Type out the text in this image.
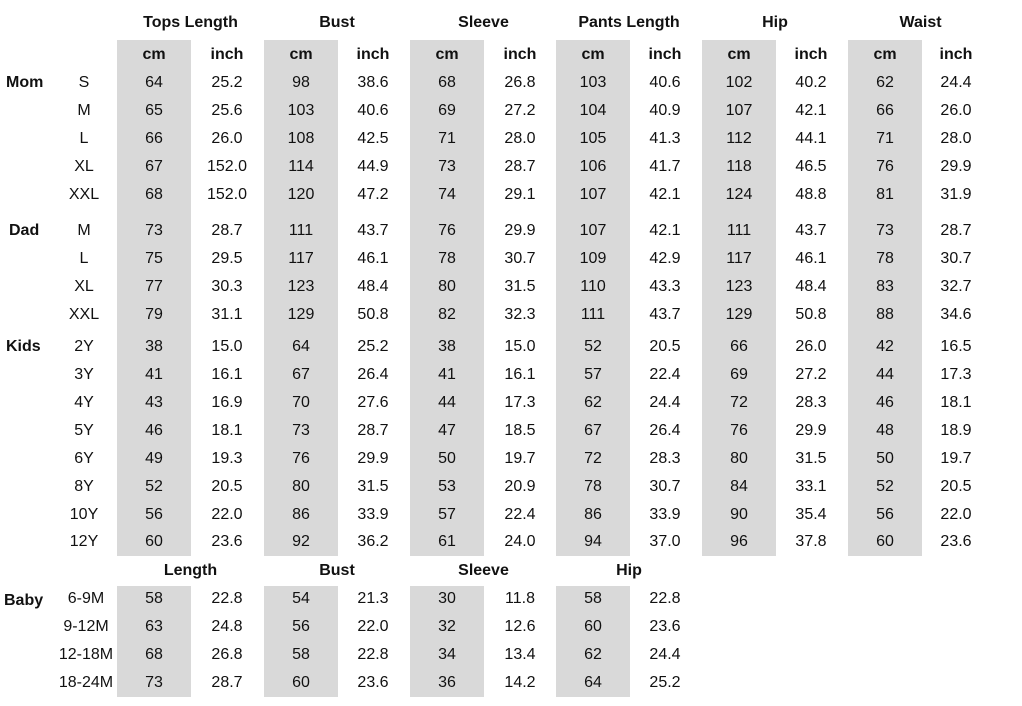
Tops Length
cm	inch
Bust
cm	inch
Sleeve
cm	inch
Pants Length
cm	inch
Hip
cm	inch
Waist
cm	inch
Mom S	64	25.2	98	38.6	68	26.8	103	40.6	102	40.2	62	24.4
M	65	25.6	103	40.6	69	27.2	104	40.9	107	42.1	66	26.0
L	66	26.0	108	42.5	71	28.0	105	41.3	112	44.1	71	28.0
XL	67	152.0	114	44.9	73	28.7	106	41.7	118	46.5	76	29.9
XXL	68	152.0	120	47.2	74	29.1	107	42.1	124	48.8	81	31.9
Dad M	73	28.7	111	43.7	76	29.9	107	42.1	111	43.7	73	28.7
L	75	29.5	117	46.1	78	30.7	109	42.9	117	46.1	78	30.7
XL	77	30.3	123	48.4	80	31.5	110	43.3	123	48.4	83	32.7
XXL	79	31.1	129	50.8	82	32.3	111	43.7	129	50.8	88	34.6
Kids 2Y	38	15.0	64	25.2	38	15.0	52	20.5	66	26.0	42	16.5
3Y	41	16.1	67	26.4	41	16.1	57	22.4	69	27.2	44	17.3
4Y	43	16.9	70	27.6	44	17.3	62	24.4	72	28.3	46	18.1
5Y	46	18.1	73	28.7	47	18.5	67	26.4	76	29.9	48	18.9
6Y	49	19.3	76	29.9	50	19.7	72	28.3	80	31.5	50	19.7
8Y	52	20.5	80	31.5	53	20.9	78	30.7	84	33.1	52	20.5
10Y	56	22.0	86	33.9	57	22.4	86	33.9	90	35.4	56	22.0
12Y	60	23.6	92	36.2	61	24.0	94	37.0	96	37.8	60	23.6
Length	Bust	Sleeve	Hip
Baby 6-9M	58	22.8	54	21.3	30	11.8	58	22.8
9-12M 63	24.8	56	22.0	32	12.6	60	23.6
12-18M 68	26.8	58	22.8	34	13.4	62	24.4
18-24M 73	28.7	60	23.6	36	14.2	64	25.2
